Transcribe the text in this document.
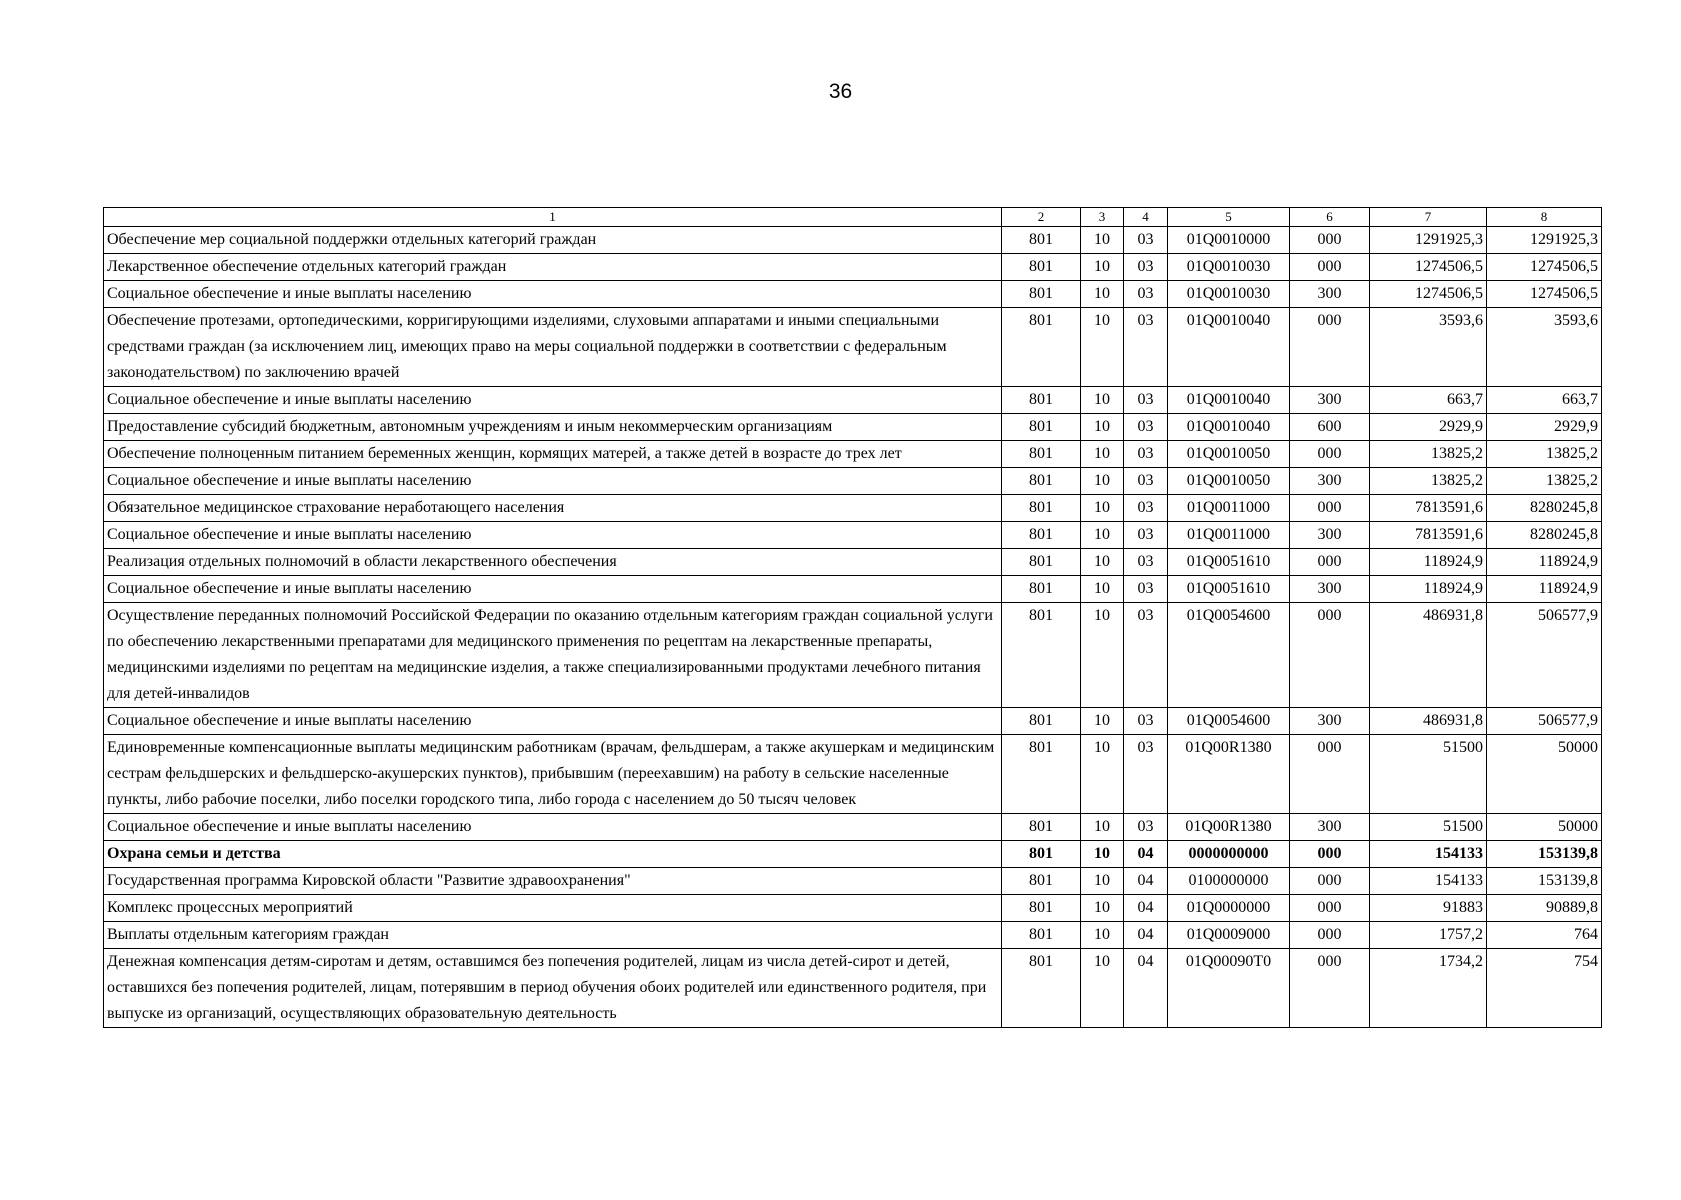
36
1	2	3	4	5	6	7	8
Обеспечение мер социальной поддержки отдельных категорий граждан	801	10	03	01Q0010000	000	1291925,3	1291925,3
Лекарственное обеспечение отдельных категорий граждан	801	10	03	01Q0010030	000	1274506,5	1274506,5
Социальное обеспечение и иные выплаты населению	801	10	03	01Q0010030	300	1274506,5	1274506,5
Обеспечение протезами, ортопедическими, корригирующими изделиями, слуховыми аппаратами и иными специальными средствами граждан (за исключением лиц, имеющих право на меры социальной поддержки в соответствии с федеральным законодательством) по заключению врачей	801	10	03	01Q0010040	000	3593,6	3593,6
Социальное обеспечение и иные выплаты населению	801	10	03	01Q0010040	300	663,7	663,7
Предоставление субсидий бюджетным, автономным учреждениям и иным некоммерческим организациям	801	10	03	01Q0010040	600	2929,9	2929,9
Обеспечение полноценным питанием беременных женщин, кормящих матерей, а также детей в возрасте до трех лет	801	10	03	01Q0010050	000	13825,2	13825,2
Социальное обеспечение и иные выплаты населению	801	10	03	01Q0010050	300	13825,2	13825,2
Обязательное медицинское страхование неработающего населения	801	10	03	01Q0011000	000	7813591,6	8280245,8
Социальное обеспечение и иные выплаты населению	801	10	03	01Q0011000	300	7813591,6	8280245,8
Реализация отдельных полномочий в области лекарственного обеспечения	801	10	03	01Q0051610	000	118924,9	118924,9
Социальное обеспечение и иные выплаты населению	801	10	03	01Q0051610	300	118924,9	118924,9
Осуществление переданных полномочий Российской Федерации по оказанию отдельным категориям граждан социальной услуги по обеспечению лекарственными препаратами для медицинского применения по рецептам на лекарственные препараты, медицинскими изделиями по рецептам на медицинские изделия, а также специализированными продуктами лечебного питания для детей-инвалидов	801	10	03	01Q0054600	000	486931,8	506577,9
Социальное обеспечение и иные выплаты населению	801	10	03	01Q0054600	300	486931,8	506577,9
Единовременные компенсационные выплаты медицинским работникам (врачам, фельдшерам, а также акушеркам и медицинским сестрам фельдшерских и фельдшерско-акушерских пунктов), прибывшим (переехавшим) на работу в сельские населенные пункты, либо рабочие поселки, либо поселки городского типа, либо города с населением до 50 тысяч человек	801	10	03	01Q00R1380	000	51500	50000
Социальное обеспечение и иные выплаты населению	801	10	03	01Q00R1380	300	51500	50000
Охрана семьи и детства	801	10	04	0000000000	000	154133	153139,8
Государственная программа Кировской области "Развитие здравоохранения"	801	10	04	0100000000	000	154133	153139,8
Комплекс процессных мероприятий	801	10	04	01Q0000000	000	91883	90889,8
Выплаты отдельным категориям граждан	801	10	04	01Q0009000	000	1757,2	764
Денежная компенсация детям-сиротам и детям, оставшимся без попечения родителей, лицам из числа детей-сирот и детей, оставшихся без попечения родителей, лицам, потерявшим в период обучения обоих родителей или единственного родителя, при выпуске из организаций, осуществляющих образовательную деятельность	801	10	04	01Q00090T0	000	1734,2	754
